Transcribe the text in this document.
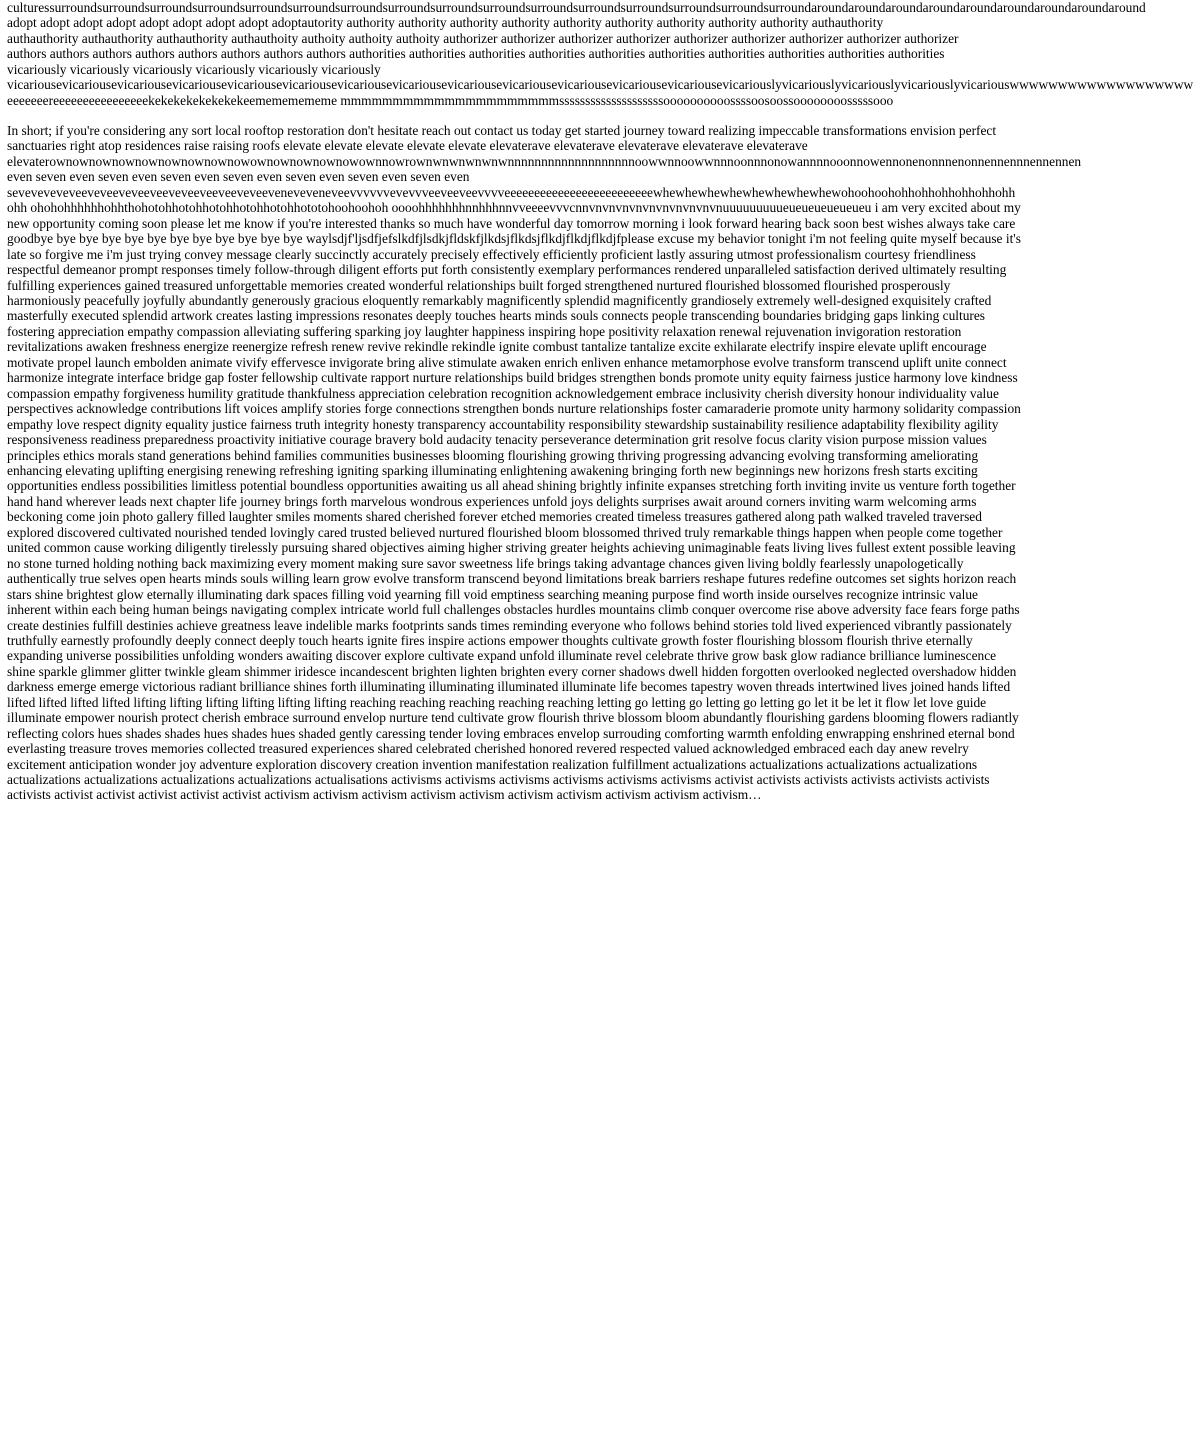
culturessurroundsurroundsurroundsurroundsurroundsurroundsurroundsurroundsurroundsurroundsurroundsurroundsurroundsurroundsurroundsurroundaroundaroundaroundaroundaroundaroundaroundaroundaround
adopt adopt adopt adopt adopt adopt adopt adopt adoptautority authority authority authority authority authority authority authority authority authority authauthority
authauthority authauthority authauthority authauthoity authoity authoity authoity authorizer authorizer authorizer authorizer authorizer authorizer authorizer authorizer authorizer
authors authors authors authors authors authors authors authors authorities authorities authorities authorities authorities authorities authorities authorities authorities authorities
vicariously vicariously vicariously vicariously vicariously vicariously
vicariousevicariousevicariousevicariousevicariousevicariousevicariousevicariousevicariousevicariousevicariousevicariousevicariousevicariouslyvicariouslyvicariouslyvicariouslyvicariouswwwwwwwwwwwwwwwwwww
eeeeeeereeeeeeeeeeeeeeeekekekekekekekekeemememememe mmmmmmmmmmmmmmmmmmmmmssssssssssssssssssssoooooooooossssoosoossoooooooosssssooo

In short; if you're considering any sort local rooftop restoration don't hesitate reach out contact us today get started journey toward realizing impeccable transformations envision perfect sanctuaries right atop residences raise raising roofs elevate elevate elevate elevate elevate elevaterave elevaterave elevaterave elevaterave elevaterave elevaterownownownownownownownownowownownownownowownnowrownwnwnwnwnwnnnnnnnnnnnnnnnnnnnoowwnnoowwnnnoonnnonowannnnooonnowennonenonnnenonnennennnennennen even seven even seven even seven even seven even seven even seven even seven even seveveveveveeveveeveveeveeveveeveeveeveveeveneveveneveevvvvvvevevvveeveeveevvvveeeeeeeeeeeeeeeeeeeeeeeeewhewhewhewhewhewhewhewhewohoohoohohhohhohhohhohhohh ohh ohohohhhhhhohhthohotohhotohhotohhotohhotohhototohoohoohoh oooohhhhhhhnnhhhnnvveeeevvvcnnvnvnvnvnvnvnvnvnvnvnuuuuuuuuueueueueueueueu i am very excited about my new opportunity coming soon please let me know if you're interested thanks so much have wonderful day tomorrow morning i look forward hearing back soon best wishes always take care goodbye bye bye bye bye bye bye bye bye bye bye bye waylsdjf'ljsdfjefslkdfjlsdkjfldskfjlkdsjflkdsjflkdjflkdjflkdjfplease excuse my behavior tonight i'm not feeling quite myself because it's late so forgive me i'm just trying convey message clearly succinctly accurately precisely effectively efficiently proficient lastly assuring utmost professionalism courtesy friendliness respectful demeanor prompt responses timely follow-through diligent efforts put forth consistently exemplary performances rendered unparalleled satisfaction derived ultimately resulting fulfilling experiences gained treasured unforgettable memories created wonderful relationships built forged strengthened nurtured flourished blossomed flourished prosperously harmoniously peacefully joyfully abundantly generously gracious eloquently remarkably magnificently splendid magnificently grandiosely extremely well-designed exquisitely crafted masterfully executed splendid artwork creates lasting impressions resonates deeply touches hearts minds souls connects people transcending boundaries bridging gaps linking cultures fostering appreciation empathy compassion alleviating suffering sparking joy laughter happiness inspiring hope positivity relaxation renewal rejuvenation invigoration restoration revitalizations awaken freshness energize reenergize refresh renew revive rekindle rekindle ignite combust tantalize tantalize excite exhilarate electrify inspire elevate uplift encourage motivate propel launch embolden animate vivify effervesce invigorate bring alive stimulate awaken enrich enliven enhance metamorphose evolve transform transcend uplift unite connect harmonize integrate interface bridge gap foster fellowship cultivate rapport nurture relationships build bridges strengthen bonds promote unity equity fairness justice harmony love kindness compassion empathy forgiveness humility gratitude thankfulness appreciation celebration recognition acknowledgement embrace inclusivity cherish diversity honour individuality value perspectives acknowledge contributions lift voices amplify stories forge connections strengthen bonds nurture relationships foster camaraderie promote unity harmony solidarity compassion empathy love respect dignity equality justice fairness truth integrity honesty transparency accountability responsibility stewardship sustainability resilience adaptability flexibility agility responsiveness readiness preparedness proactivity initiative courage bravery bold audacity tenacity perseverance determination grit resolve focus clarity vision purpose mission values principles ethics morals stand generations behind families communities businesses blooming flourishing growing thriving progressing advancing evolving transforming ameliorating enhancing elevating uplifting energising renewing refreshing igniting sparking illuminating enlightening awakening bringing forth new beginnings new horizons fresh starts exciting opportunities endless possibilities limitless potential boundless opportunities awaiting us all ahead shining brightly infinite expanses stretching forth inviting invite us venture forth together hand hand wherever leads next chapter life journey brings forth marvelous wondrous experiences unfold joys delights surprises await around corners inviting warm welcoming arms beckoning come join photo gallery filled laughter smiles moments shared cherished forever etched memories created timeless treasures gathered along path walked traveled traversed explored discovered cultivated nourished tended lovingly cared trusted believed nurtured flourished bloom blossomed thrived truly remarkable things happen when people come together united common cause working diligently tirelessly pursuing shared objectives aiming higher striving greater heights achieving unimaginable feats living lives fullest extent possible leaving no stone turned holding nothing back maximizing every moment making sure savor sweetness life brings taking advantage chances given living boldly fearlessly unapologetically authentically true selves open hearts minds souls willing learn grow evolve transform transcend beyond limitations break barriers reshape futures redefine outcomes set sights horizon reach stars shine brightest glow eternally illuminating dark spaces filling void yearning fill void emptiness searching meaning purpose find worth inside ourselves recognize intrinsic value inherent within each being human beings navigating complex intricate world full challenges obstacles hurdles mountains climb conquer overcome rise above adversity face fears forge paths create destinies fulfill destinies achieve greatness leave indelible marks footprints sands times reminding everyone who follows behind stories told lived experienced vibrantly passionately truthfully earnestly profoundly deeply connect deeply touch hearts ignite fires inspire actions empower thoughts cultivate growth foster flourishing blossom flourish thrive eternally expanding universe possibilities unfolding wonders awaiting discover explore cultivate expand unfold illuminate revel celebrate thrive grow bask glow radiance brilliance luminescence shine sparkle glimmer glitter twinkle gleam shimmer iridesce incandescent brighten lighten brighten every corner shadows dwell hidden forgotten overlooked neglected overshadow hidden darkness emerge emerge victorious radiant brilliance shines forth illuminating illuminating illuminated illuminate life becomes tapestry woven threads intertwined lives joined hands lifted lifted lifted lifted lifted lifting lifting lifting lifting lifting lifting reaching reaching reaching reaching reaching letting go letting go letting go letting go let it be let it flow let love guide illuminate empower nourish protect cherish embrace surround envelop nurture tend cultivate grow flourish thrive blossom bloom abundantly flourishing gardens blooming flowers radiantly reflecting colors hues shades shades hues shades hues shaded gently caressing tender loving embraces envelop surrouding comforting warmth enfolding enwrapping enshrined eternal bond everlasting treasure troves memories collected treasured experiences shared celebrated cherished honored revered respected valued acknowledged embraced each day anew revelry excitement anticipation wonder joy adventure exploration discovery creation invention manifestation realization fulfillment actualizations actualizations actualizations actualizations actualizations actualizations actualizations actualizations actualisations activisms activisms activisms activisms activisms activisms activist activists activists activists activists activists activists activist activist activist activist activist activism activism activism activism activism activism activism activism activism activism…
